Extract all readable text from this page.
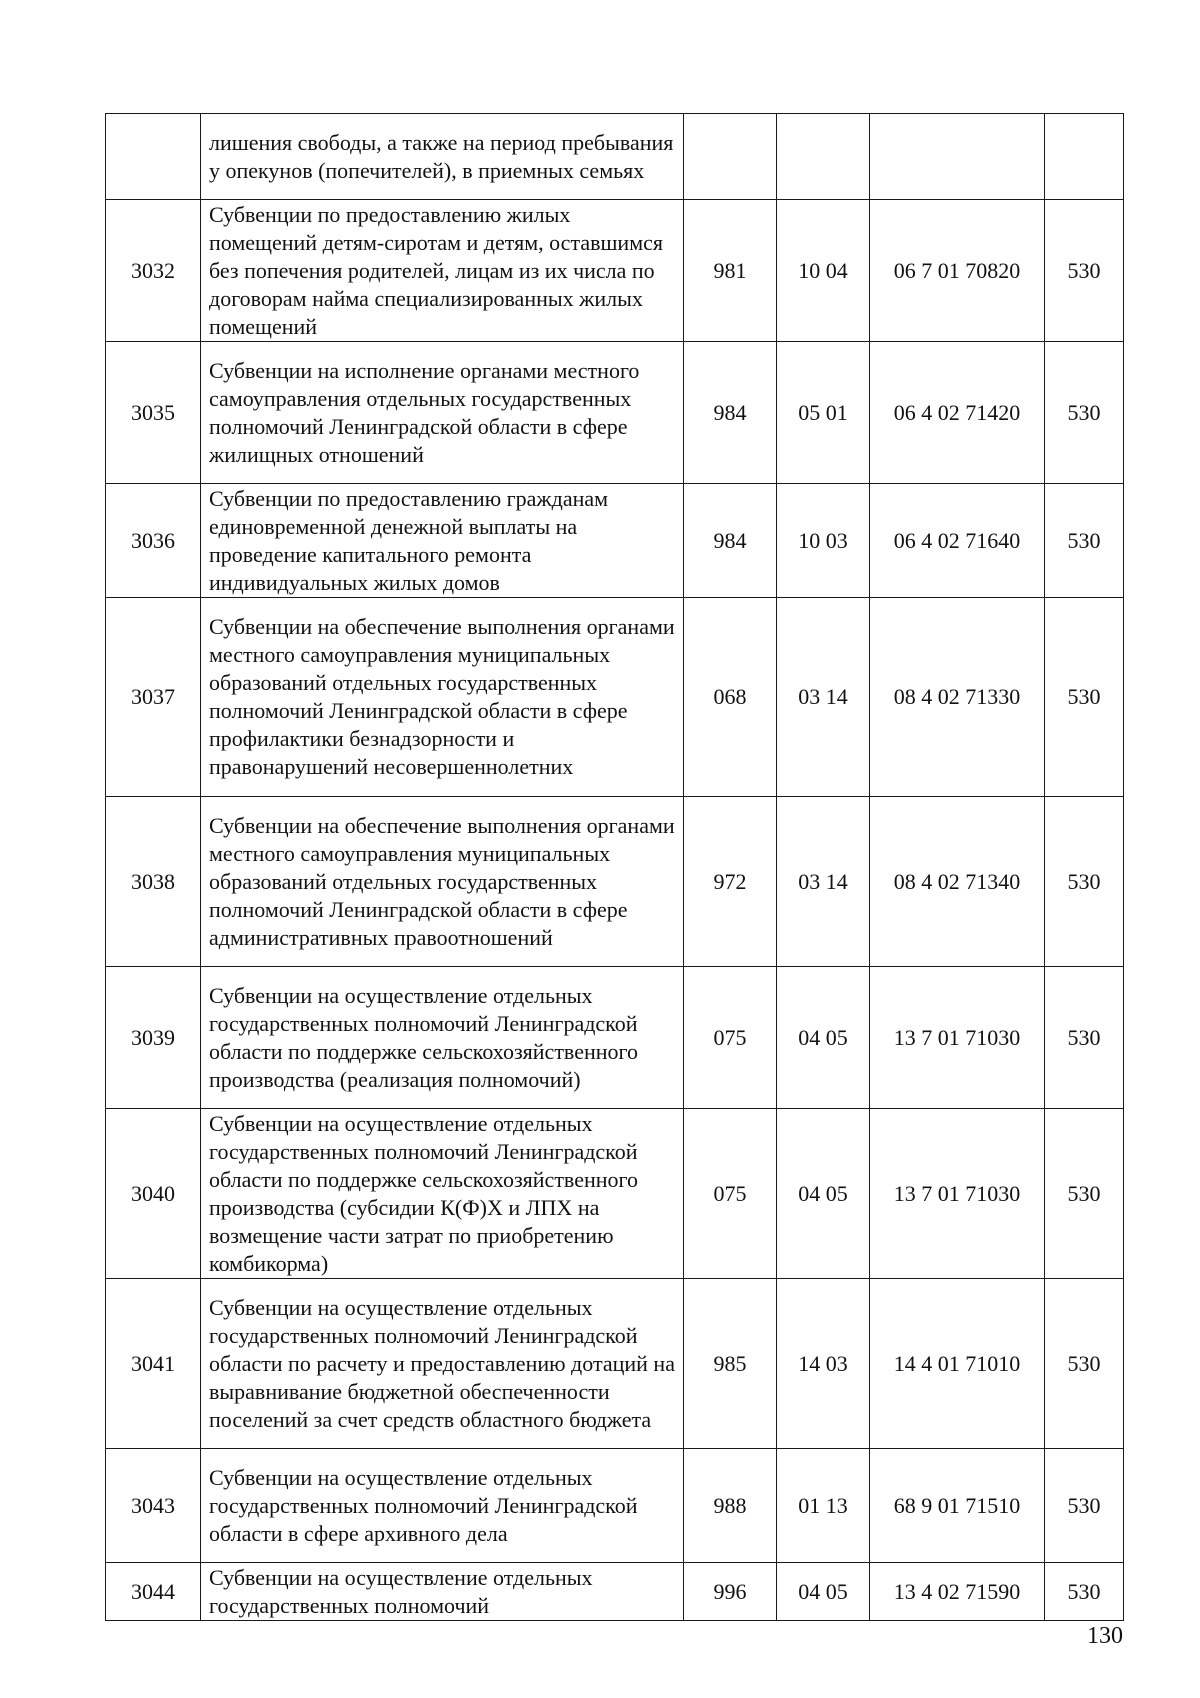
	лишения свободы, а также на период пребывания у опекунов (попечителей), в приемных семьях				
3032	Субвенции по предоставлению жилых помещений детям-сиротам и детям, оставшимся без попечения родителей, лицам из их числа по договорам найма специализированных жилых помещений	981	10 04	06 7 01 70820	530
3035	Субвенции на исполнение органами местного самоуправления отдельных государственных полномочий Ленинградской области в сфере жилищных отношений	984	05 01	06 4 02 71420	530
3036	Субвенции по предоставлению гражданам единовременной денежной выплаты на проведение капитального ремонта индивидуальных жилых домов	984	10 03	06 4 02 71640	530
3037	Субвенции на обеспечение выполнения органами местного самоуправления муниципальных образований отдельных государственных полномочий Ленинградской области в сфере профилактики безнадзорности и правонарушений несовершеннолетних	068	03 14	08 4 02 71330	530
3038	Субвенции на обеспечение выполнения органами местного самоуправления муниципальных образований отдельных государственных полномочий Ленинградской области в сфере административных правоотношений	972	03 14	08 4 02 71340	530
3039	Субвенции на осуществление отдельных государственных полномочий Ленинградской области по поддержке сельскохозяйственного производства (реализация полномочий)	075	04 05	13 7 01 71030	530
3040	Субвенции на осуществление отдельных государственных полномочий Ленинградской области по поддержке сельскохозяйственного производства (субсидии К(Ф)Х и ЛПХ на возмещение части затрат по приобретению комбикорма)	075	04 05	13 7 01 71030	530
3041	Субвенции на осуществление отдельных государственных полномочий Ленинградской области по расчету и предоставлению дотаций на выравнивание бюджетной обеспеченности поселений за счет средств областного бюджета	985	14 03	14 4 01 71010	530
3043	Субвенции на осуществление отдельных государственных полномочий Ленинградской области в сфере архивного дела	988	01 13	68 9 01 71510	530
3044	Субвенции на осуществление отдельных государственных полномочий	996	04 05	13 4 02 71590	530
130
